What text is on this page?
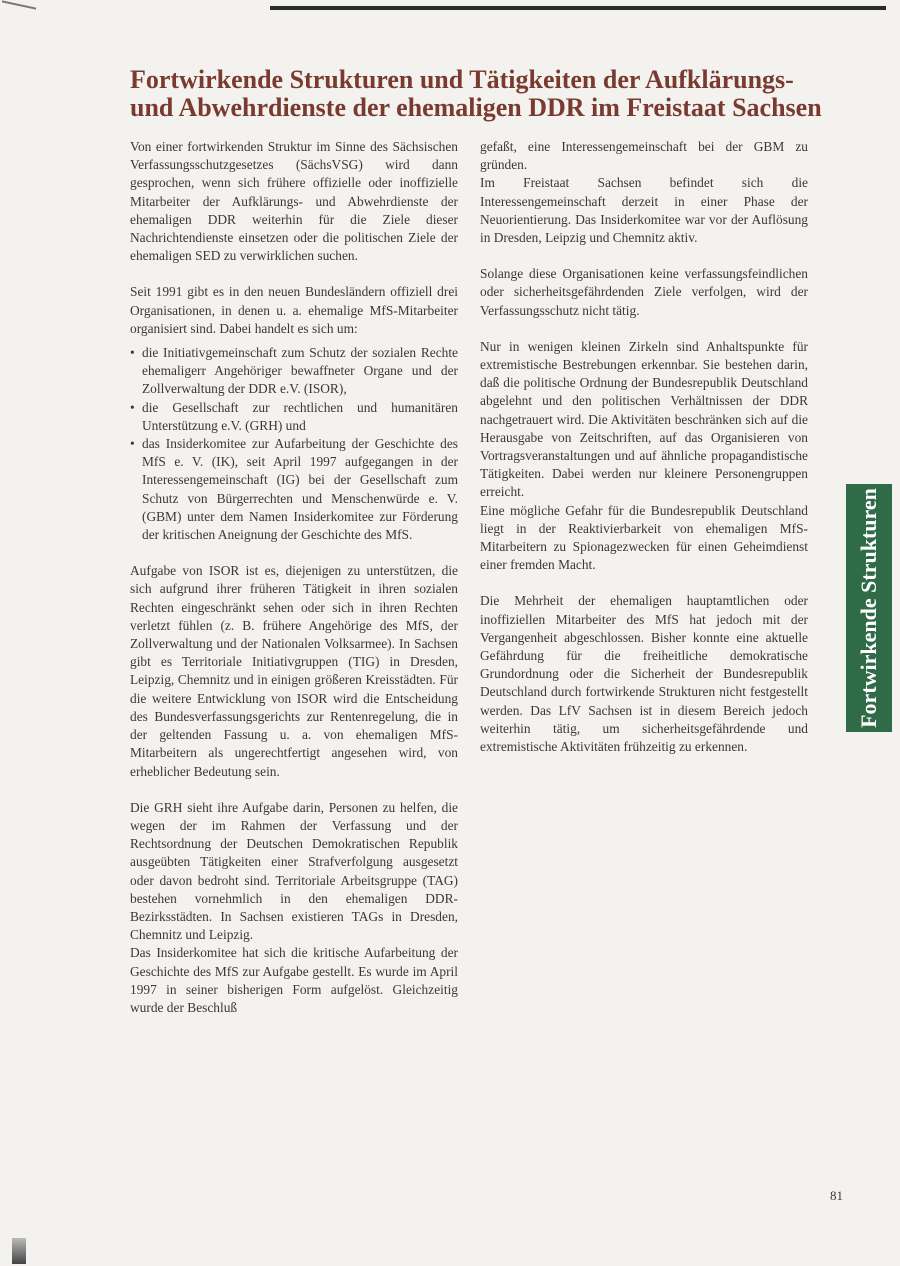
Fortwirkende Strukturen und Tätigkeiten der Aufklärungs- und Abwehrdienste der ehemaligen DDR im Freistaat Sachsen

Von einer fortwirkenden Struktur im Sinne des Sächsischen Verfassungsschutzgesetzes (SächsVSG) wird dann gesprochen, wenn sich frühere offizielle oder inoffizielle Mitarbeiter der Aufklärungs- und Abwehrdienste der ehemaligen DDR weiterhin für die Ziele dieser Nachrichtendienste einsetzen oder die politischen Ziele der ehemaligen SED zu verwirklichen suchen.

Seit 1991 gibt es in den neuen Bundesländern offiziell drei Organisationen, in denen u. a. ehemalige MfS-Mitarbeiter organisiert sind. Dabei handelt es sich um:

• die Initiativgemeinschaft zum Schutz der sozialen Rechte ehemaligerr Angehöriger bewaffneter Organe und der Zollverwaltung der DDR e.V. (ISOR),
• die Gesellschaft zur rechtlichen und humanitären Unterstützung e.V. (GRH) und
• das Insiderkomitee zur Aufarbeitung der Geschichte des MfS e. V. (IK), seit April 1997 aufgegangen in der Interessengemeinschaft (IG) bei der Gesellschaft zum Schutz von Bürgerrechten und Menschenwürde e. V. (GBM) unter dem Namen Insiderkomitee zur Förderung der kritischen Aneignung der Geschichte des MfS.

Aufgabe von ISOR ist es, diejenigen zu unterstützen, die sich aufgrund ihrer früheren Tätigkeit in ihren sozialen Rechten eingeschränkt sehen oder sich in ihren Rechten verletzt fühlen (z. B. frühere Angehörige des MfS, der Zollverwaltung und der Nationalen Volksarmee). In Sachsen gibt es Territoriale Initiativgruppen (TIG) in Dresden, Leipzig, Chemnitz und in einigen größeren Kreisstädten. Für die weitere Entwicklung von ISOR wird die Entscheidung des Bundesverfassungsgerichts zur Rentenregelung, die in der geltenden Fassung u. a. von ehemaligen MfS-Mitarbeitern als ungerechtfertigt angesehen wird, von erheblicher Bedeutung sein.

Die GRH sieht ihre Aufgabe darin, Personen zu helfen, die wegen der im Rahmen der Verfassung und der Rechtsordnung der Deutschen Demokratischen Republik ausgeübten Tätigkeiten einer Strafverfolgung ausgesetzt oder davon bedroht sind. Territoriale Arbeitsgruppe (TAG) bestehen vornehmlich in den ehemaligen DDR-Bezirksstädten. In Sachsen existieren TAGs in Dresden, Chemnitz und Leipzig.

Das Insiderkomitee hat sich die kritische Aufarbeitung der Geschichte des MfS zur Aufgabe gestellt. Es wurde im April 1997 in seiner bisherigen Form aufgelöst. Gleichzeitig wurde der Beschluß

gefaßt, eine Interessengemeinschaft bei der GBM zu gründen.

Im Freistaat Sachsen befindet sich die Interessengemeinschaft derzeit in einer Phase der Neuorientierung. Das Insiderkomitee war vor der Auflösung in Dresden, Leipzig und Chemnitz aktiv.

Solange diese Organisationen keine verfassungsfeindlichen oder sicherheitsgefährdenden Ziele verfolgen, wird der Verfassungsschutz nicht tätig.

Nur in wenigen kleinen Zirkeln sind Anhaltspunkte für extremistische Bestrebungen erkennbar. Sie bestehen darin, daß die politische Ordnung der Bundesrepublik Deutschland abgelehnt und den politischen Verhältnissen der DDR nachgetrauert wird. Die Aktivitäten beschränken sich auf die Herausgabe von Zeitschriften, auf das Organisieren von Vortragsveranstaltungen und auf ähnliche propagandistische Tätigkeiten. Dabei werden nur kleinere Personengruppen erreicht.

Eine mögliche Gefahr für die Bundesrepublik Deutschland liegt in der Reaktivierbarkeit von ehemaligen MfS-Mitarbeitern zu Spionagezwecken für einen Geheimdienst einer fremden Macht.

Die Mehrheit der ehemaligen hauptamtlichen oder inoffiziellen Mitarbeiter des MfS hat jedoch mit der Vergangenheit abgeschlossen. Bisher konnte eine aktuelle Gefährdung für die freiheitliche demokratische Grundordnung oder die Sicherheit der Bundesrepublik Deutschland durch fortwirkende Strukturen nicht festgestellt werden. Das LfV Sachsen ist in diesem Bereich jedoch weiterhin tätig, um sicherheitsgefährdende und extremistische Aktivitäten frühzeitig zu erkennen.

Fortwirkende Strukturen
81
